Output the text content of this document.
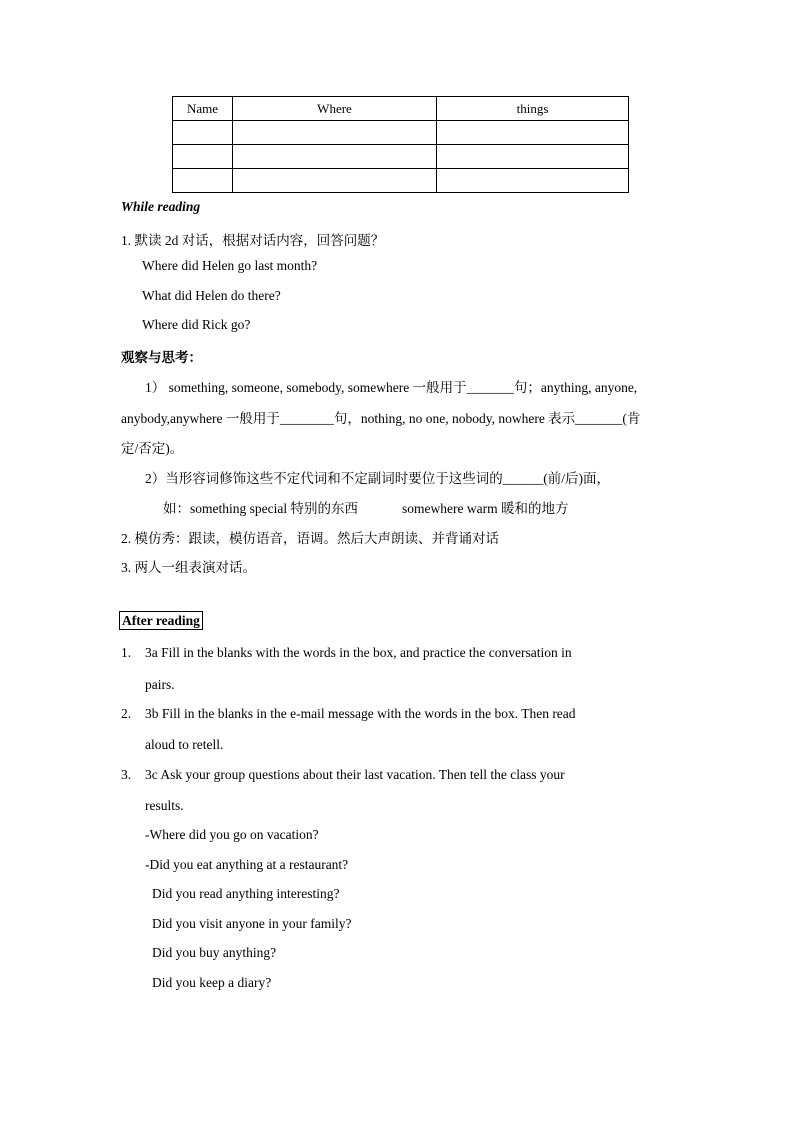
Name	Where	things

While reading
1. 默读 2d 对话，根据对话内容，回答问题？
Where did Helen go last month?
What did Helen do there?
Where did Rick go?
观察与思考：
1） something, someone, somebody, somewhere 一般用于_______句；anything, anyone,
anybody,anywhere 一般用于________句，nothing, no one, nobody, nowhere 表示_______(肯
定/否定)。
2）当形容词修饰这些不定代词和不定副词时要位于这些词的______(前/后)面，
如：something special 特别的东西	somewhere warm 暖和的地方
2. 模仿秀：跟读，模仿语音，语调。然后大声朗读、并背诵对话
3. 两人一组表演对话。
After reading
1. 3a Fill in the blanks with the words in the box, and practice the conversation in
pairs.
2. 3b Fill in the blanks in the e-mail message with the words in the box. Then read
aloud to retell.
3. 3c Ask your group questions about their last vacation. Then tell the class your
results.
-Where did you go on vacation?
-Did you eat anything at a restaurant?
Did you read anything interesting?
Did you visit anyone in your family?
Did you buy anything?
Did you keep a diary?
